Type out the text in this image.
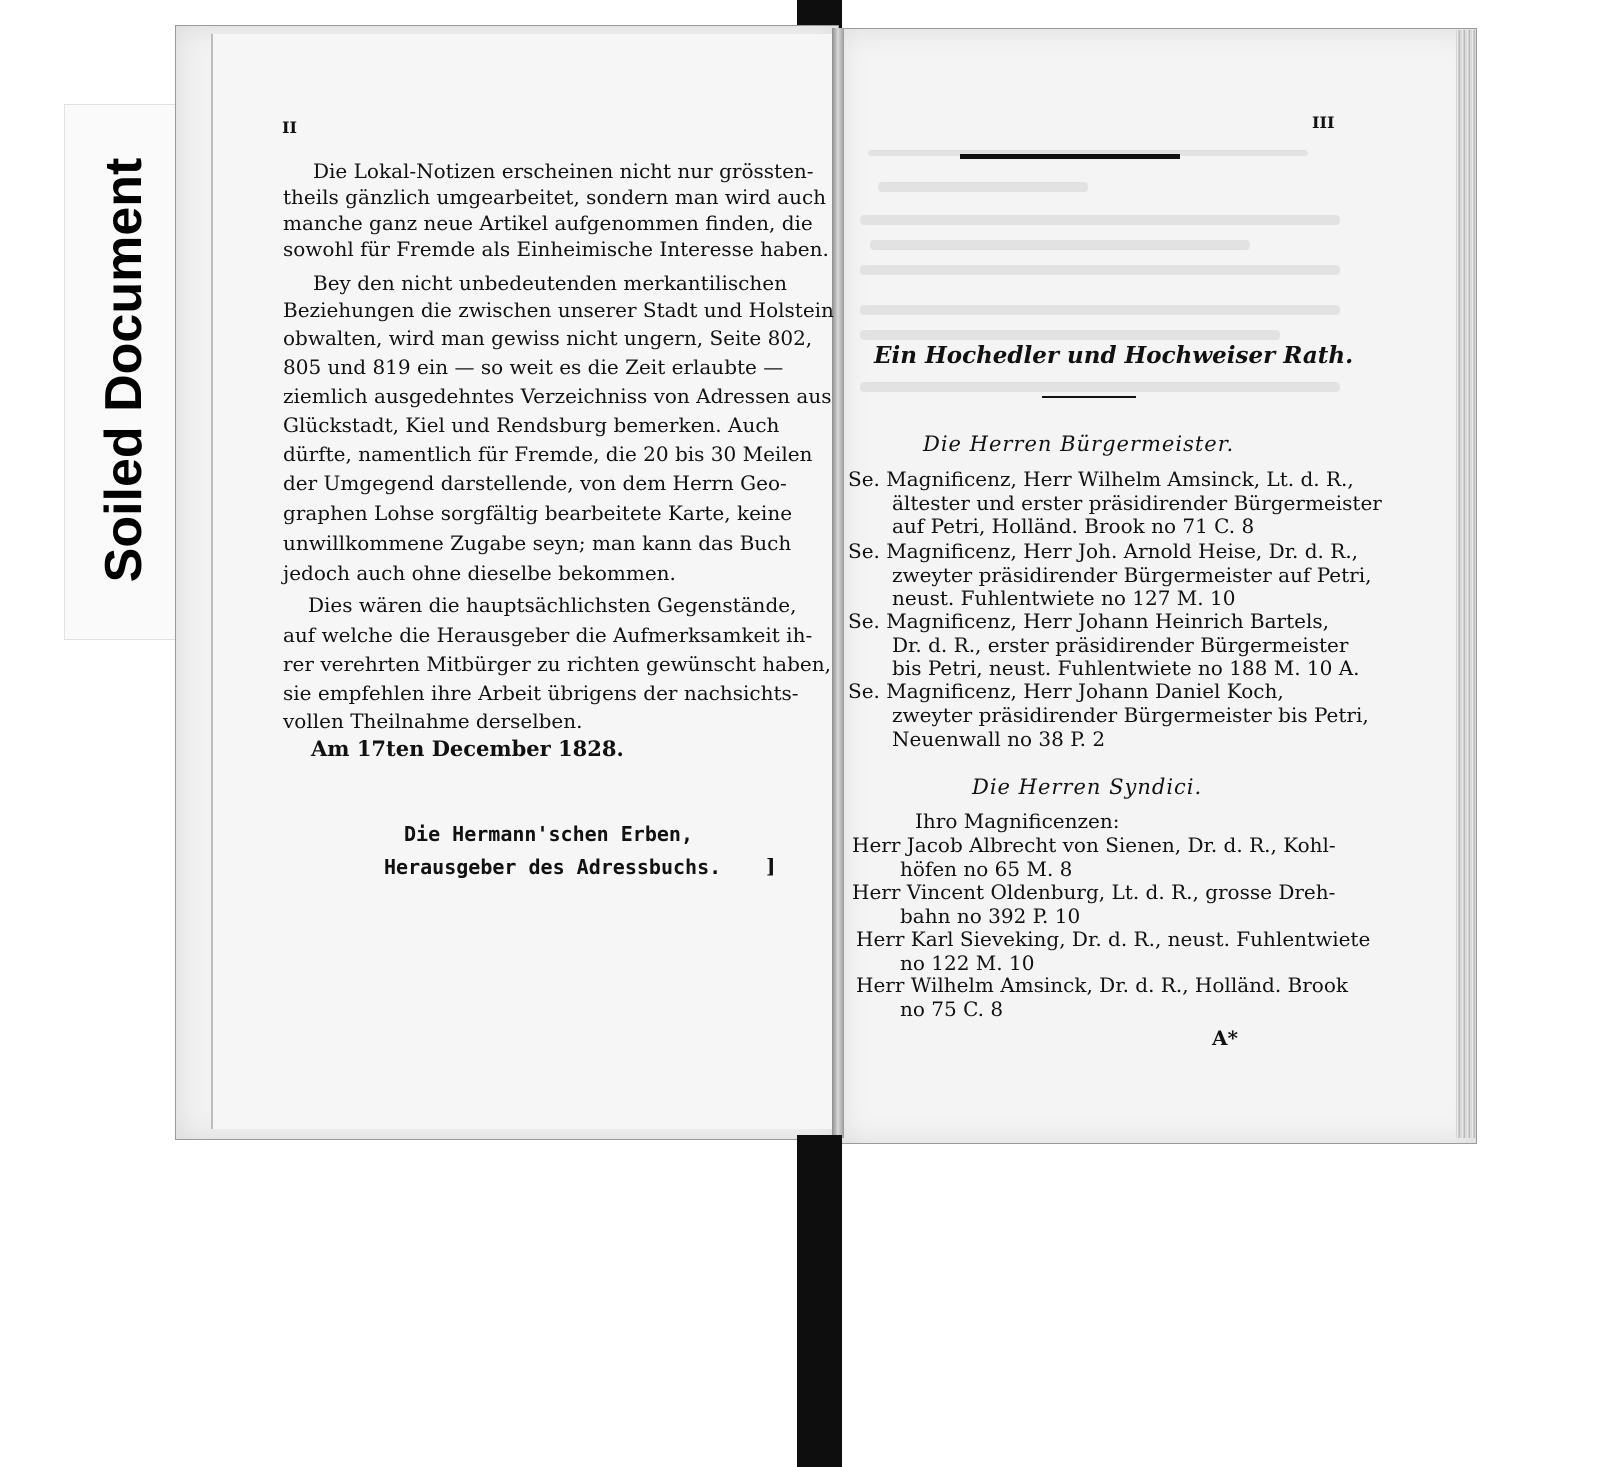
Soiled Document
II
Die Lokal-Notizen erscheinen nicht nur grössten-
theils gänzlich umgearbeitet, sondern man wird auch
manche ganz neue Artikel aufgenommen finden, die
sowohl für Fremde als Einheimische Interesse haben.
Bey den nicht unbedeutenden merkantilischen
Beziehungen die zwischen unserer Stadt und Holstein
obwalten, wird man gewiss nicht ungern, Seite 802,
805 und 819 ein — so weit es die Zeit erlaubte —
ziemlich ausgedehntes Verzeichniss von Adressen aus
Glückstadt, Kiel und Rendsburg bemerken. Auch
dürfte, namentlich für Fremde, die 20 bis 30 Meilen
der Umgegend darstellende, von dem Herrn Geo-
graphen Lohse sorgfältig bearbeitete Karte, keine
unwillkommene Zugabe seyn; man kann das Buch
jedoch auch ohne dieselbe bekommen.
Dies wären die hauptsächlichsten Gegenstände,
auf welche die Herausgeber die Aufmerksamkeit ih-
rer verehrten Mitbürger zu richten gewünscht haben,
sie empfehlen ihre Arbeit übrigens der nachsichts-
vollen Theilnahme derselben.
Am 17ten December 1828.
Die Hermann'schen Erben,
Herausgeber des Adressbuchs. ]
III
Ein Hochedler und Hochweiser Rath.
Die Herren Bürgermeister.
Se. Magnificenz, Herr Wilhelm Amsinck, Lt. d. R.,
ältester und erster präsidirender Bürgermeister
auf Petri, Holländ. Brook no 71 C. 8
Se. Magnificenz, Herr Joh. Arnold Heise, Dr. d. R.,
zweyter präsidirender Bürgermeister auf Petri,
neust. Fuhlentwiete no 127 M. 10
Se. Magnificenz, Herr Johann Heinrich Bartels,
Dr. d. R., erster präsidirender Bürgermeister
bis Petri, neust. Fuhlentwiete no 188 M. 10 A.
Se. Magnificenz, Herr Johann Daniel Koch,
zweyter präsidirender Bürgermeister bis Petri,
Neuenwall no 38 P. 2
Die Herren Syndici.
Ihro Magnificenzen:
Herr Jacob Albrecht von Sienen, Dr. d. R., Kohl-
höfen no 65 M. 8
Herr Vincent Oldenburg, Lt. d. R., grosse Dreh-
bahn no 392 P. 10
Herr Karl Sieveking, Dr. d. R., neust. Fuhlentwiete
no 122 M. 10
Herr Wilhelm Amsinck, Dr. d. R., Holländ. Brook
no 75 C. 8
A*
